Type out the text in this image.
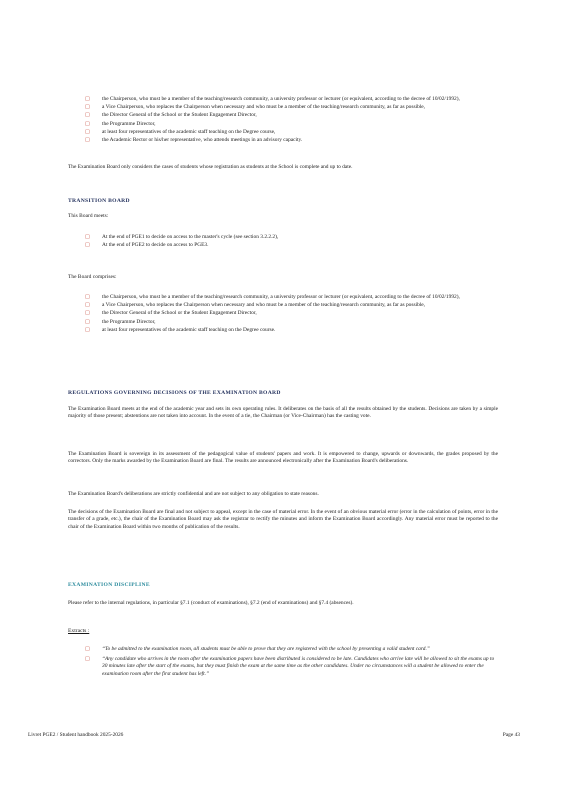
□ the Chairperson, who must be a member of the teaching/research community, a university professor or lecturer (or equivalent, according to the decree of 10/02/1992),
□ a Vice Chairperson, who replaces the Chairperson when necessary and who must be a member of the teaching/research community, as far as possible,
□ the Director General of the School or the Student Engagement Director,
□ the Programme Director,
□ at least four representatives of the academic staff teaching on the Degree course,
□ the Academic Rector or his/her representative, who attends meetings in an advisory capacity.
The Examination Board only considers the cases of students whose registration as students at the School is complete and up to date.
TRANSITION BOARD
This Board meets:
□ At the end of PGE1 to decide on access to the master's cycle (see section 3.2.2.2),
□ At the end of PGE2 to decide on access to PGE3.
The Board comprises:
□ the Chairperson, who must be a member of the teaching/research community, a university professor or lecturer (or equivalent, according to the decree of 10/02/1992),
□ a Vice Chairperson, who replaces the Chairperson when necessary and who must be a member of the teaching/research community, as far as possible,
□ the Director General of the School or the Student Engagement Director,
□ the Programme Director,
□ at least four representatives of the academic staff teaching on the Degree course.
REGULATIONS GOVERNING DECISIONS OF THE EXAMINATION BOARD
The Examination Board meets at the end of the academic year and sets its own operating rules. It deliberates on the basis of all the results obtained by the students. Decisions are taken by a simple majority of those present; abstentions are not taken into account. In the event of a tie, the Chairman (or Vice-Chairman) has the casting vote.
The Examination Board is sovereign in its assessment of the pedagogical value of students' papers and work. It is empowered to change, upwards or downwards, the grades proposed by the correctors. Only the marks awarded by the Examination Board are final. The results are announced electronically after the Examination Board's deliberations.
The Examination Board's deliberations are strictly confidential and are not subject to any obligation to state reasons.
The decisions of the Examination Board are final and not subject to appeal, except in the case of material error. In the event of an obvious material error (error in the calculation of points, error in the transfer of a grade, etc.), the chair of the Examination Board may ask the registrar to rectify the minutes and inform the Examination Board accordingly. Any material error must be reported to the chair of the Examination Board within two months of publication of the results.
EXAMINATION DISCIPLINE
Please refer to the internal regulations, in particular §7.1 (conduct of examinations), §7.2 (end of examinations) and §7.4 (absences).
Extracts :
□ “To be admitted to the examination room, all students must be able to prove that they are registered with the school by presenting a valid student card.”
□ “Any candidate who arrives in the room after the examination papers have been distributed is considered to be late. Candidates who arrive late will be allowed to sit the exams up to 30 minutes late after the start of the exams, but they must finish the exam at the same time as the other candidates. Under no circumstances will a student be allowed to enter the examination room after the first student has left.”
Livret PGE2 / Student handbook 2025-2026	Page 43
